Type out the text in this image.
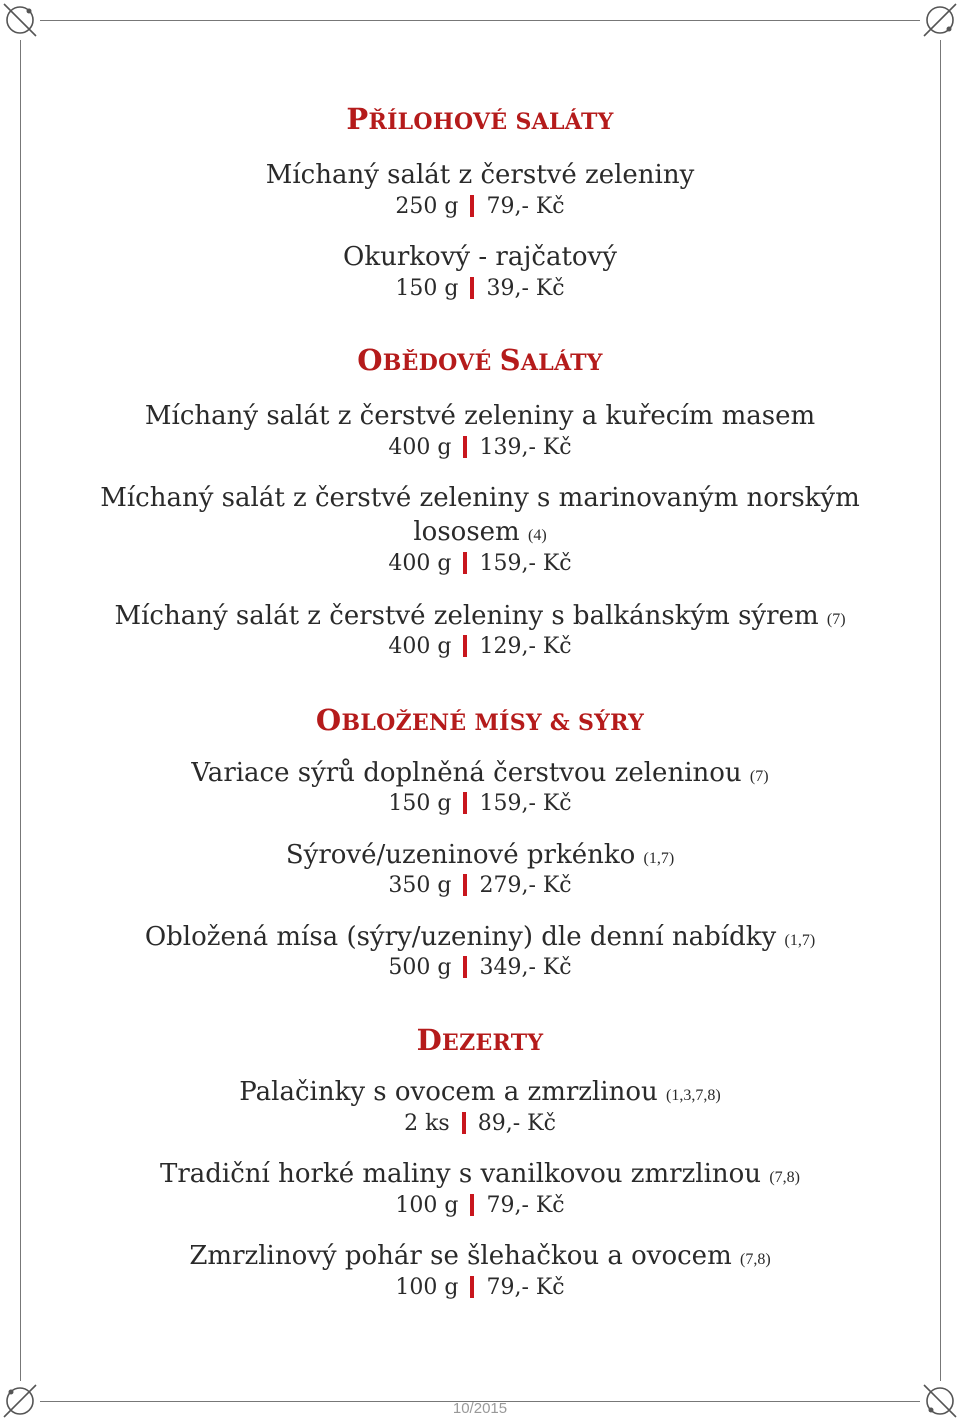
PŘÍLOHOVÉ SALÁTY
Míchaný salát z čerstvé zeleniny
250 g 79,- Kč
Okurkový - rajčatový
150 g 39,- Kč
OBĚDOVÉ SALÁTY
Míchaný salát z čerstvé zeleniny a kuřecím masem
400 g 139,- Kč
Míchaný salát z čerstvé zeleniny s marinovaným norským
lososem (4)
400 g 159,- Kč
Míchaný salát z čerstvé zeleniny s balkánským sýrem (7)
400 g 129,- Kč
OBLOŽENÉ MÍSY & SÝRY
Variace sýrů doplněná čerstvou zeleninou (7)
150 g 159,- Kč
Sýrové/uzeninové prkénko (1,7)
350 g 279,- Kč
Obložená mísa (sýry/uzeniny) dle denní nabídky (1,7)
500 g 349,- Kč
DEZERTY
Palačinky s ovocem a zmrzlinou (1,3,7,8)
2 ks 89,- Kč
Tradiční horké maliny s vanilkovou zmrzlinou (7,8)
100 g 79,- Kč
Zmrzlinový pohár se šlehačkou a ovocem (7,8)
100 g 79,- Kč
10/2015
